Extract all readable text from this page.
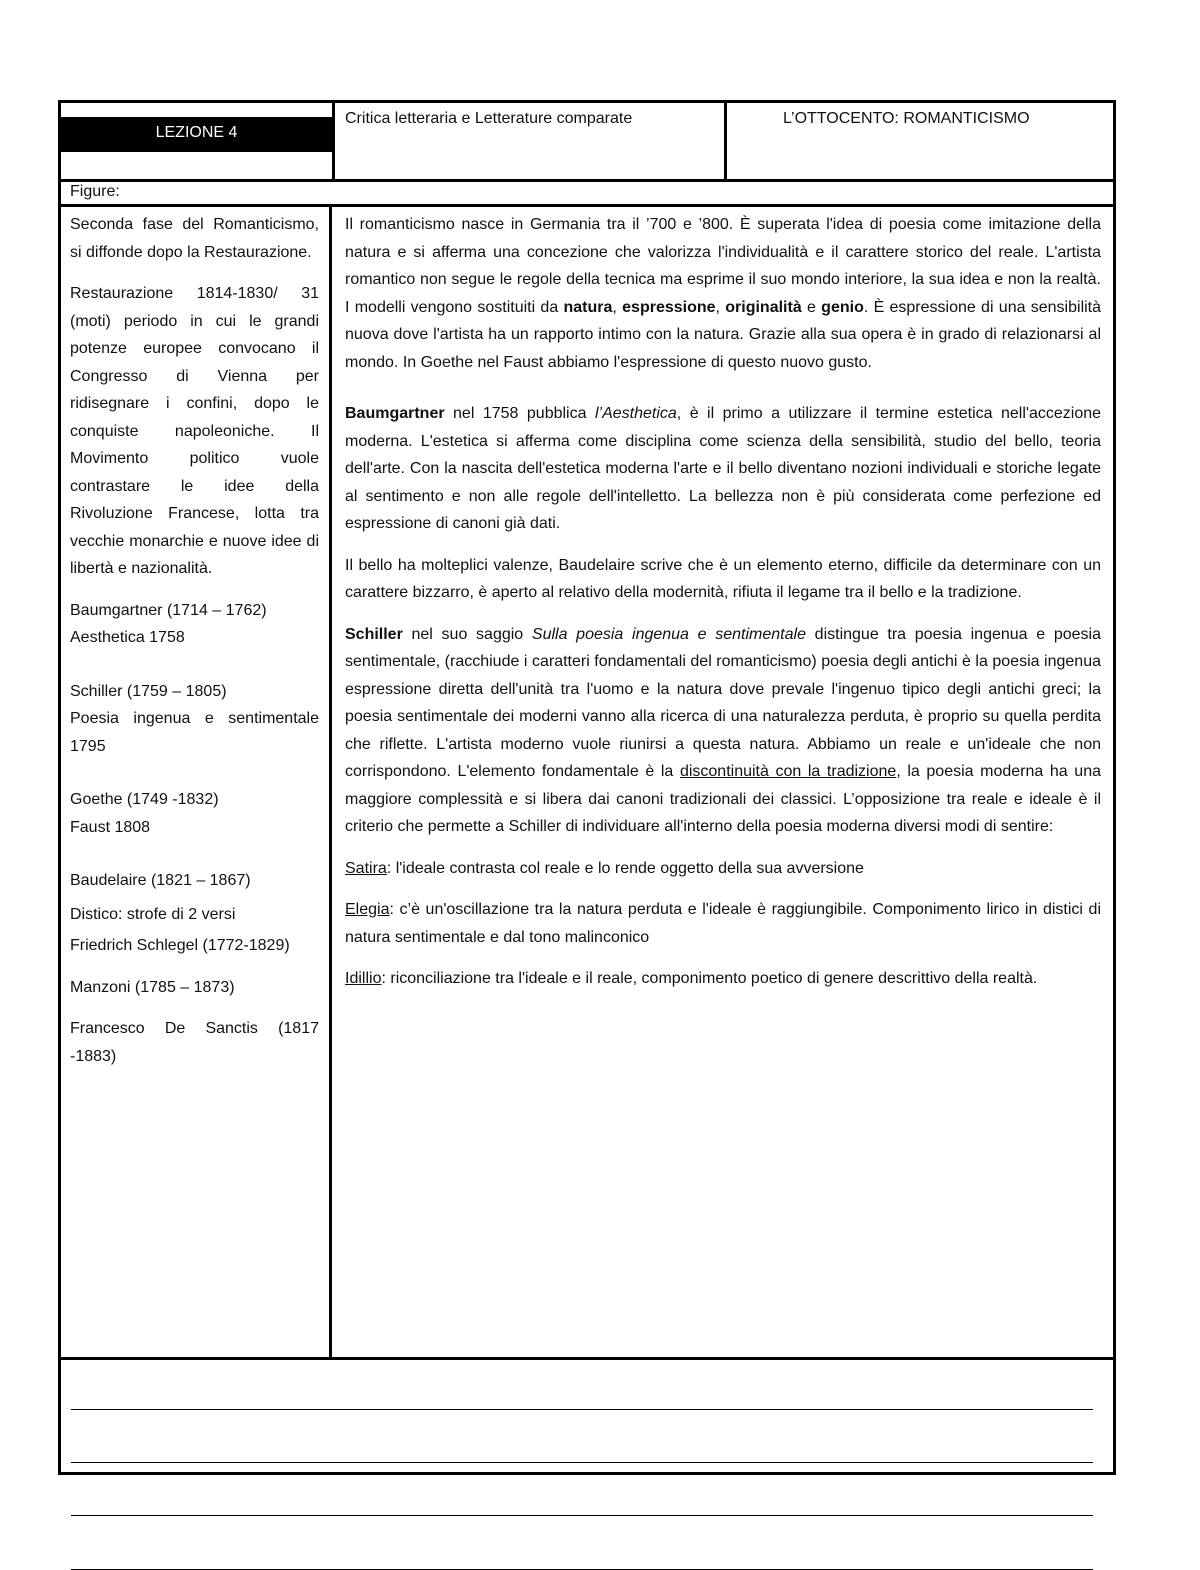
LEZIONE 4
Critica letteraria e Letterature comparate	L’OTTOCENTO: ROMANTICISMO
Figure:

Seconda fase del Romanticismo, si diffonde dopo la Restaurazione.

Restaurazione 1814-1830/ 31 (moti) periodo in cui le grandi potenze europee convocano il Congresso di Vienna per ridisegnare i confini, dopo le conquiste napoleoniche. Il Movimento politico vuole contrastare le idee della Rivoluzione Francese, lotta tra vecchie monarchie e nuove idee di libertà e nazionalità.

Baumgartner (1714 – 1762)
Aesthetica 1758

Schiller (1759 – 1805)
Poesia ingenua e sentimentale 1795

Goethe (1749 -1832)
Faust 1808

Baudelaire (1821 – 1867)

Distico: strofe di 2 versi

Friedrich Schlegel (1772-1829)

Manzoni (1785 – 1873)

Francesco De Sanctis (1817 -1883)

Il romanticismo nasce in Germania tra il ’700 e ’800. È superata l'idea di poesia come imitazione della natura e si afferma una concezione che valorizza l'individualità e il carattere storico del reale. L'artista romantico non segue le regole della tecnica ma esprime il suo mondo interiore, la sua idea e non la realtà. I modelli vengono sostituiti da natura, espressione, originalità e genio. È espressione di una sensibilità nuova dove l'artista ha un rapporto intimo con la natura. Grazie alla sua opera è in grado di relazionarsi al mondo. In Goethe nel Faust abbiamo l'espressione di questo nuovo gusto.

Baumgartner nel 1758 pubblica l’Aesthetica, è il primo a utilizzare il termine estetica nell'accezione moderna. L'estetica si afferma come disciplina come scienza della sensibilità, studio del bello, teoria dell'arte. Con la nascita dell'estetica moderna l'arte e il bello diventano nozioni individuali e storiche legate al sentimento e non alle regole dell'intelletto. La bellezza non è più considerata come perfezione ed espressione di canoni già dati.

Il bello ha molteplici valenze, Baudelaire scrive che è un elemento eterno, difficile da determinare con un carattere bizzarro, è aperto al relativo della modernità, rifiuta il legame tra il bello e la tradizione.

Schiller nel suo saggio Sulla poesia ingenua e sentimentale distingue tra poesia ingenua e poesia sentimentale, (racchiude i caratteri fondamentali del romanticismo) poesia degli antichi è la poesia ingenua espressione diretta dell'unità tra l'uomo e la natura dove prevale l'ingenuo tipico degli antichi greci; la poesia sentimentale dei moderni vanno alla ricerca di una naturalezza perduta, è proprio su quella perdita che riflette. L'artista moderno vuole riunirsi a questa natura. Abbiamo un reale e un'ideale che non corrispondono. L'elemento fondamentale è la discontinuità con la tradizione, la poesia moderna ha una maggiore complessità e si libera dai canoni tradizionali dei classici. L’opposizione tra reale e ideale è il criterio che permette a Schiller di individuare all'interno della poesia moderna diversi modi di sentire:

Satira: l'ideale contrasta col reale e lo rende oggetto della sua avversione

Elegia: c’è un'oscillazione tra la natura perduta e l'ideale è raggiungibile. Componimento lirico in distici di natura sentimentale e dal tono malinconico

Idillio: riconciliazione tra l'ideale e il reale, componimento poetico di genere descrittivo della realtà.
